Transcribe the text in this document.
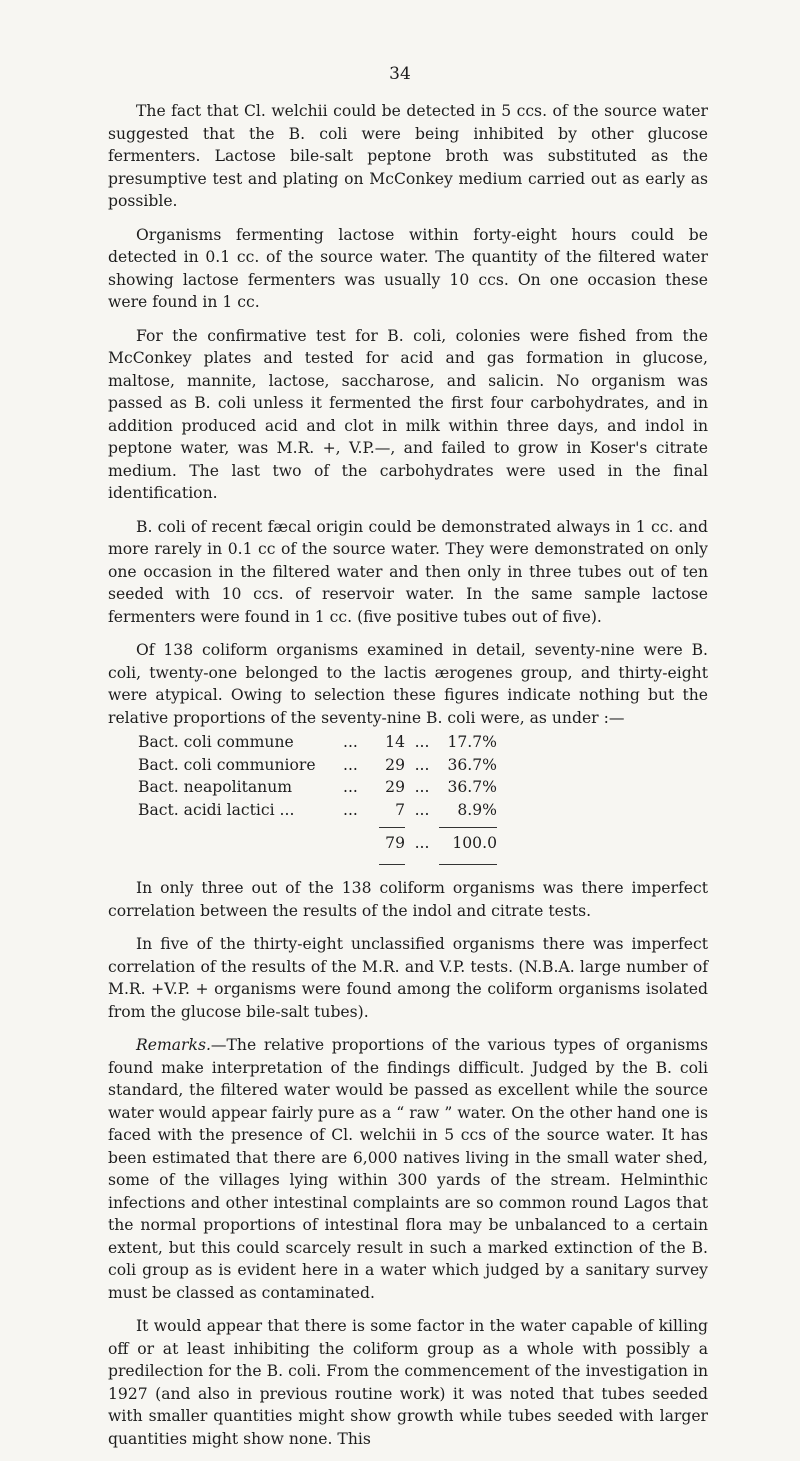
34

The fact that Cl. welchii could be detected in 5 ccs. of the source water suggested that the B. coli were being inhibited by other glucose fermenters. Lactose bile-salt peptone broth was substituted as the presumptive test and plating on McConkey medium carried out as early as possible.

Organisms fermenting lactose within forty-eight hours could be detected in 0.1 cc. of the source water. The quantity of the filtered water showing lactose fermenters was usually 10 ccs. On one occasion these were found in 1 cc.

For the confirmative test for B. coli, colonies were fished from the McConkey plates and tested for acid and gas formation in glucose, maltose, mannite, lactose, saccharose, and salicin. No organism was passed as B. coli unless it fermented the first four carbohydrates, and in addition produced acid and clot in milk within three days, and indol in peptone water, was M.R. +, V.P.—, and failed to grow in Koser's citrate medium. The last two of the carbohydrates were used in the final identification.

B. coli of recent fæcal origin could be demonstrated always in 1 cc. and more rarely in 0.1 cc of the source water. They were demonstrated on only one occasion in the filtered water and then only in three tubes out of ten seeded with 10 ccs. of reservoir water. In the same sample lactose fermenters were found in 1 cc. (five positive tubes out of five).

Of 138 coliform organisms examined in detail, seventy-nine were B. coli, twenty-one belonged to the lactis ærogenes group, and thirty-eight were atypical. Owing to selection these figures indicate nothing but the relative proportions of the seventy-nine B. coli were, as under :—

Bact. coli commune	...	14	...	17.7%
Bact. coli communiore	...	29	...	36.7%
Bact. neapolitanum	...	29	...	36.7%
Bact. acidi lactici ...	...	7	...	8.9%

		79	...	100.0

In only three out of the 138 coliform organisms was there imperfect correlation between the results of the indol and citrate tests.

In five of the thirty-eight unclassified organisms there was imperfect correlation of the results of the M.R. and V.P. tests. (N.B.A. large number of M.R. +V.P. + organisms were found among the coliform organisms isolated from the glucose bile-salt tubes).

Remarks.—The relative proportions of the various types of organisms found make interpretation of the findings difficult. Judged by the B. coli standard, the filtered water would be passed as excellent while the source water would appear fairly pure as a “ raw ” water. On the other hand one is faced with the presence of Cl. welchii in 5 ccs of the source water. It has been estimated that there are 6,000 natives living in the small water shed, some of the villages lying within 300 yards of the stream. Helminthic infections and other intestinal complaints are so common round Lagos that the normal proportions of intestinal flora may be unbalanced to a certain extent, but this could scarcely result in such a marked extinction of the B. coli group as is evident here in a water which judged by a sanitary survey must be classed as contaminated.

It would appear that there is some factor in the water capable of killing off or at least inhibiting the coliform group as a whole with possibly a predilection for the B. coli. From the commencement of the investigation in 1927 (and also in previous routine work) it was noted that tubes seeded with smaller quantities might show growth while tubes seeded with larger quantities might show none. This
